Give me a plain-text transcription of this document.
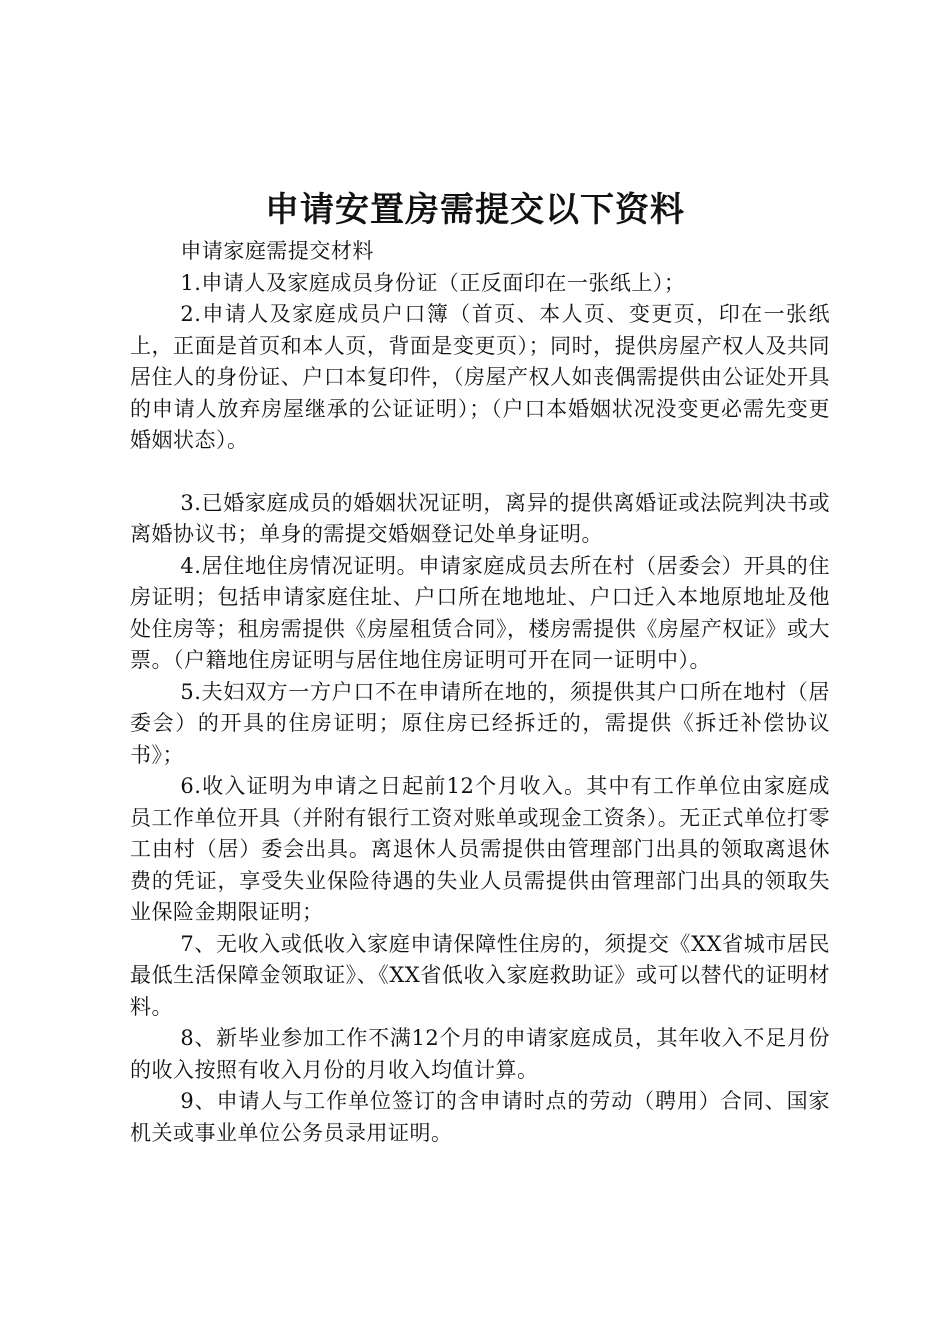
申请安置房需提交以下资料

申请家庭需提交材料

1.申请人及家庭成员身份证（正反面印在一张纸上）；

2.申请人及家庭成员户口簿（首页、本人页、变更页，印在一张纸上，正面是首页和本人页，背面是变更页）；同时，提供房屋产权人及共同居住人的身份证、户口本复印件，（房屋产权人如丧偶需提供由公证处开具的申请人放弃房屋继承的公证证明）；（户口本婚姻状况没变更必需先变更婚姻状态）。

3.已婚家庭成员的婚姻状况证明，离异的提供离婚证或法院判决书或离婚协议书；单身的需提交婚姻登记处单身证明。

4.居住地住房情况证明。申请家庭成员去所在村（居委会）开具的住房证明；包括申请家庭住址、户口所在地地址、户口迁入本地原地址及他处住房等；租房需提供《房屋租赁合同》，楼房需提供《房屋产权证》或大票。（户籍地住房证明与居住地住房证明可开在同一证明中）。

5.夫妇双方一方户口不在申请所在地的，须提供其户口所在地村（居委会）的开具的住房证明；原住房已经拆迁的，需提供《拆迁补偿协议书》；

6.收入证明为申请之日起前12个月收入。其中有工作单位由家庭成员工作单位开具（并附有银行工资对账单或现金工资条）。无正式单位打零工由村（居）委会出具。离退休人员需提供由管理部门出具的领取离退休费的凭证，享受失业保险待遇的失业人员需提供由管理部门出具的领取失业保险金期限证明；

7、无收入或低收入家庭申请保障性住房的，须提交《XX省城市居民最低生活保障金领取证》、《XX省低收入家庭救助证》或可以替代的证明材料。

8、新毕业参加工作不满12个月的申请家庭成员，其年收入不足月份的收入按照有收入月份的月收入均值计算。

9、申请人与工作单位签订的含申请时点的劳动（聘用）合同、国家机关或事业单位公务员录用证明。
